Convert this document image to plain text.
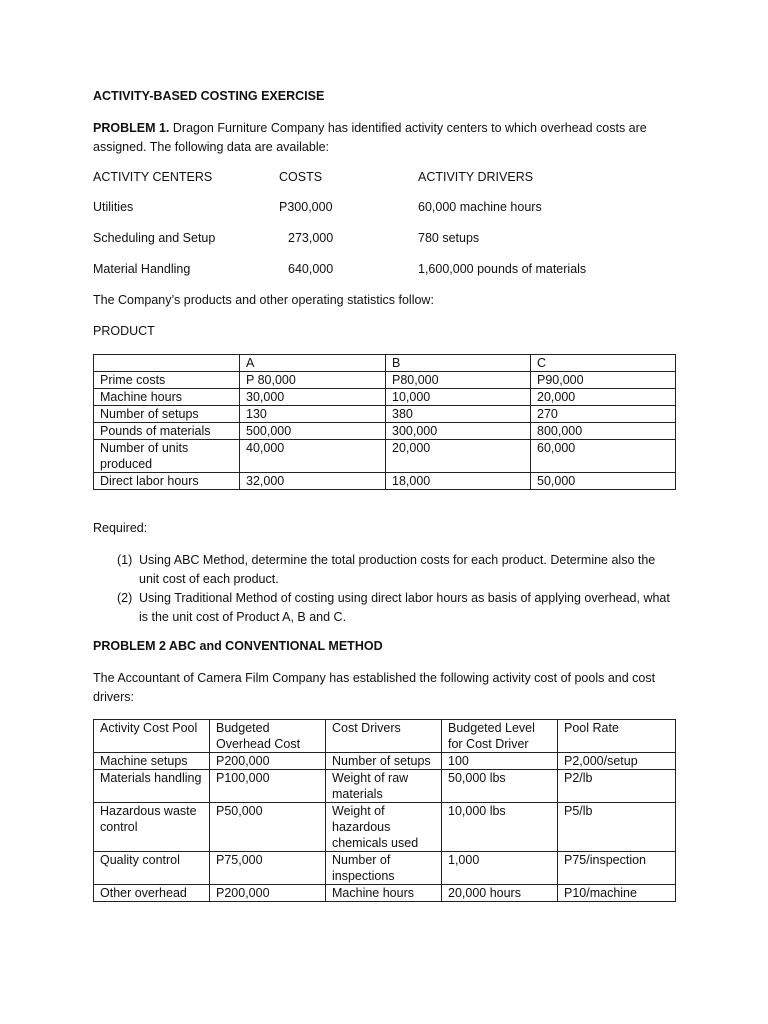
ACTIVITY-BASED COSTING EXERCISE

PROBLEM 1. Dragon Furniture Company has identified activity centers to which overhead costs are assigned. The following data are available:

ACTIVITY CENTERS	COSTS	ACTIVITY DRIVERS
Utilities	P300,000	60,000 machine hours
Scheduling and Setup	273,000	780 setups
Material Handling	640,000	1,600,000 pounds of materials
The Company’s products and other operating statistics follow:
PRODUCT
	A	B	C
Prime costs	P 80,000	P80,000	P90,000
Machine hours	30,000	10,000	20,000
Number of setups	130	380	270
Pounds of materials	500,000	300,000	800,000
Number of units produced	40,000	20,000	60,000
Direct labor hours	32,000	18,000	50,000
Required:
(1) Using ABC Method, determine the total production costs for each product. Determine also the unit cost of each product.
(2) Using Traditional Method of costing using direct labor hours as basis of applying overhead, what is the unit cost of Product A, B and C.
PROBLEM 2 ABC and CONVENTIONAL METHOD

The Accountant of Camera Film Company has established the following activity cost of pools and cost drivers:

Activity Cost Pool	Budgeted Overhead Cost	Cost Drivers	Budgeted Level for Cost Driver	Pool Rate
Machine setups	P200,000	Number of setups	100	P2,000/setup
Materials handling	P100,000	Weight of raw materials	50,000 lbs	P2/lb
Hazardous waste control	P50,000	Weight of hazardous chemicals used	10,000 lbs	P5/lb
Quality control	P75,000	Number of inspections	1,000	P75/inspection
Other overhead	P200,000	Machine hours	20,000 hours	P10/machine
